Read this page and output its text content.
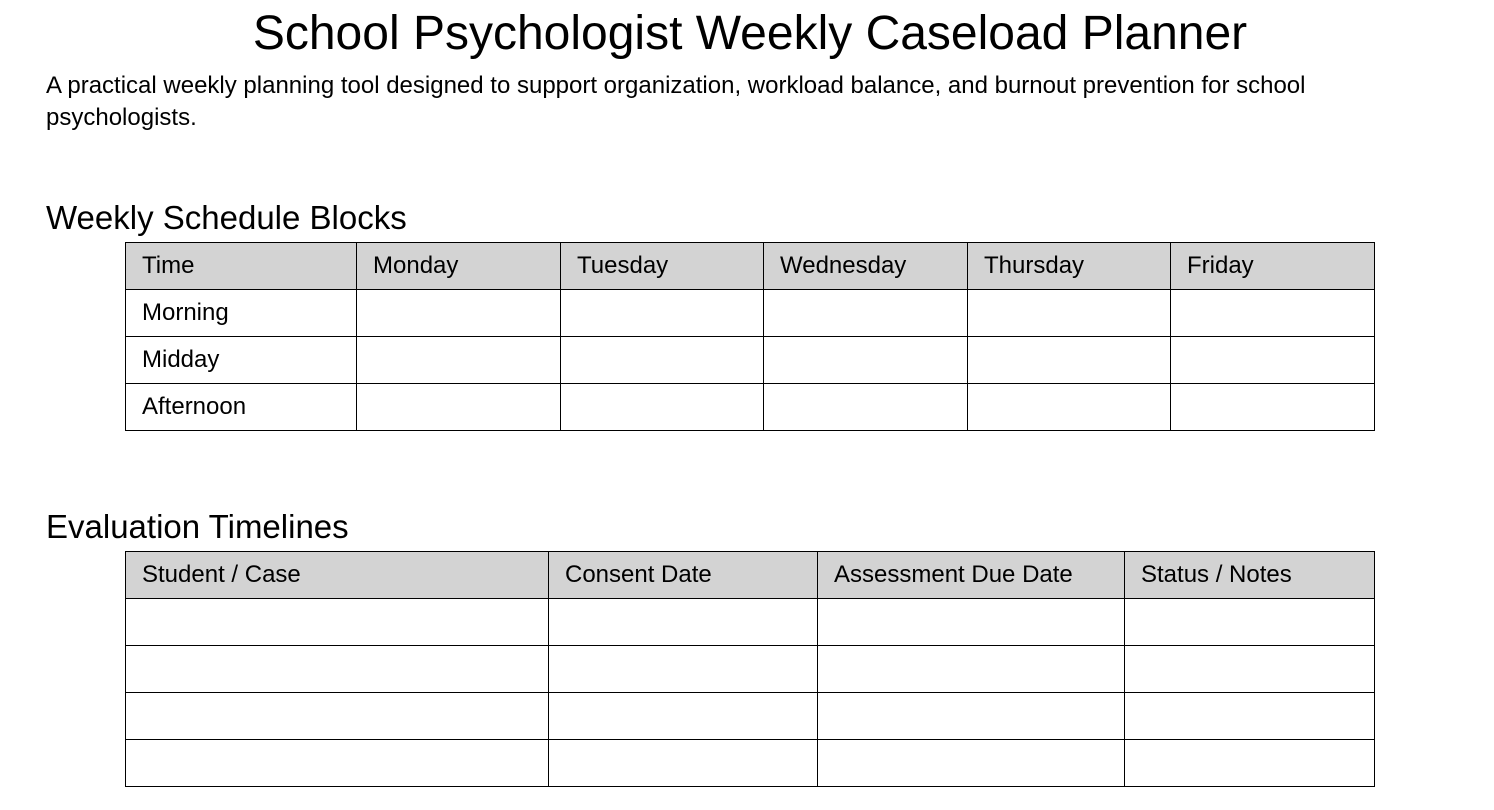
School Psychologist Weekly Caseload Planner

A practical weekly planning tool designed to support organization, workload balance, and burnout prevention for school psychologists.

Weekly Schedule Blocks
Time	Monday	Tuesday	Wednesday	Thursday	Friday
Morning					
Midday					
Afternoon					
Evaluation Timelines
Student / Case	Consent Date	Assessment Due Date	Status / Notes
